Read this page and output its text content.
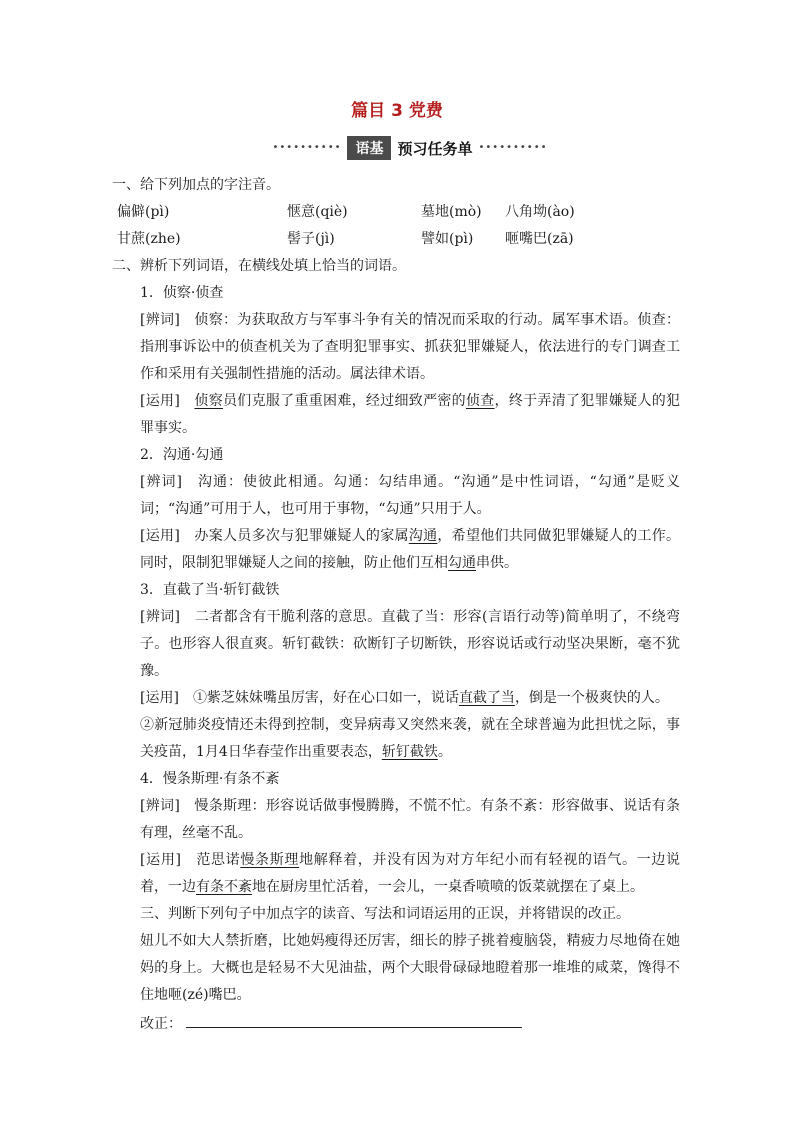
篇目 3 党费
••••••••••	语基 预习任务单 ••••••••••

一、给下列加点的字注音。

偏僻(pì)	惬意(qiè)	墓地(mò)	八角坳(ào)
甘蔗(zhe)	髻子(jì)	譬如(pì)	咂嘴巴(zā)

二、辨析下列词语，在横线处填上恰当的词语。

1．侦察·侦查

[辨词]　 侦察：为获取敌方与军事斗争有关的情况而采取的行动。属军事术语。侦查：指刑事诉讼中的侦查机关为了查明犯罪事实、抓获犯罪嫌疑人，依法进行的专门调查工作和采用有关强制性措施的活动。属法律术语。

[运用]　 侦察员们克服了重重困难，经过细致严密的侦查，终于弄清了犯罪嫌疑人的犯罪事实。

2．沟通·勾通

[辨词]　 沟通：使彼此相通。勾通：勾结串通。“沟通”是中性词语，“勾通”是贬义词；“沟通”可用于人，也可用于事物，“勾通”只用于人。

[运用]　 办案人员多次与犯罪嫌疑人的家属沟通，希望他们共同做犯罪嫌疑人的工作。同时，限制犯罪嫌疑人之间的接触，防止他们互相勾通串供。

3．直截了当·斩钉截铁

[辨词]　 二者都含有干脆利落的意思。直截了当：形容(言语行动等)简单明了，不绕弯子。也形容人很直爽。斩钉截铁：砍断钉子切断铁，形容说话或行动坚决果断，毫不犹豫。

[运用]　 ①紫芝妹妹嘴虽厉害，好在心口如一，说话直截了当，倒是一个极爽快的人。

②新冠肺炎疫情还未得到控制，变异病毒又突然来袭，就在全球普遍为此担忧之际，事关疫苗，1月4日华春莹作出重要表态，斩钉截铁。

4．慢条斯理·有条不紊

[辨词]　 慢条斯理：形容说话做事慢腾腾，不慌不忙。有条不紊：形容做事、说话有条有理，丝毫不乱。

[运用]　 范思诺慢条斯理地解释着，并没有因为对方年纪小而有轻视的语气。一边说着，一边有条不紊地在厨房里忙活着，一会儿，一桌香喷喷的饭菜就摆在了桌上。

三、判断下列句子中加点字的读音、写法和词语运用的正误，并将错误的改正。

妞儿不如大人禁折磨，比她妈瘦得还厉害，细长的脖子挑着瘦脑袋，精疲力尽地倚在她妈的身上。大概也是轻易不大见油盐，两个大眼骨碌碌地瞪着那一堆堆的咸菜，馋得不住地咂(zé)嘴巴。

改正：
